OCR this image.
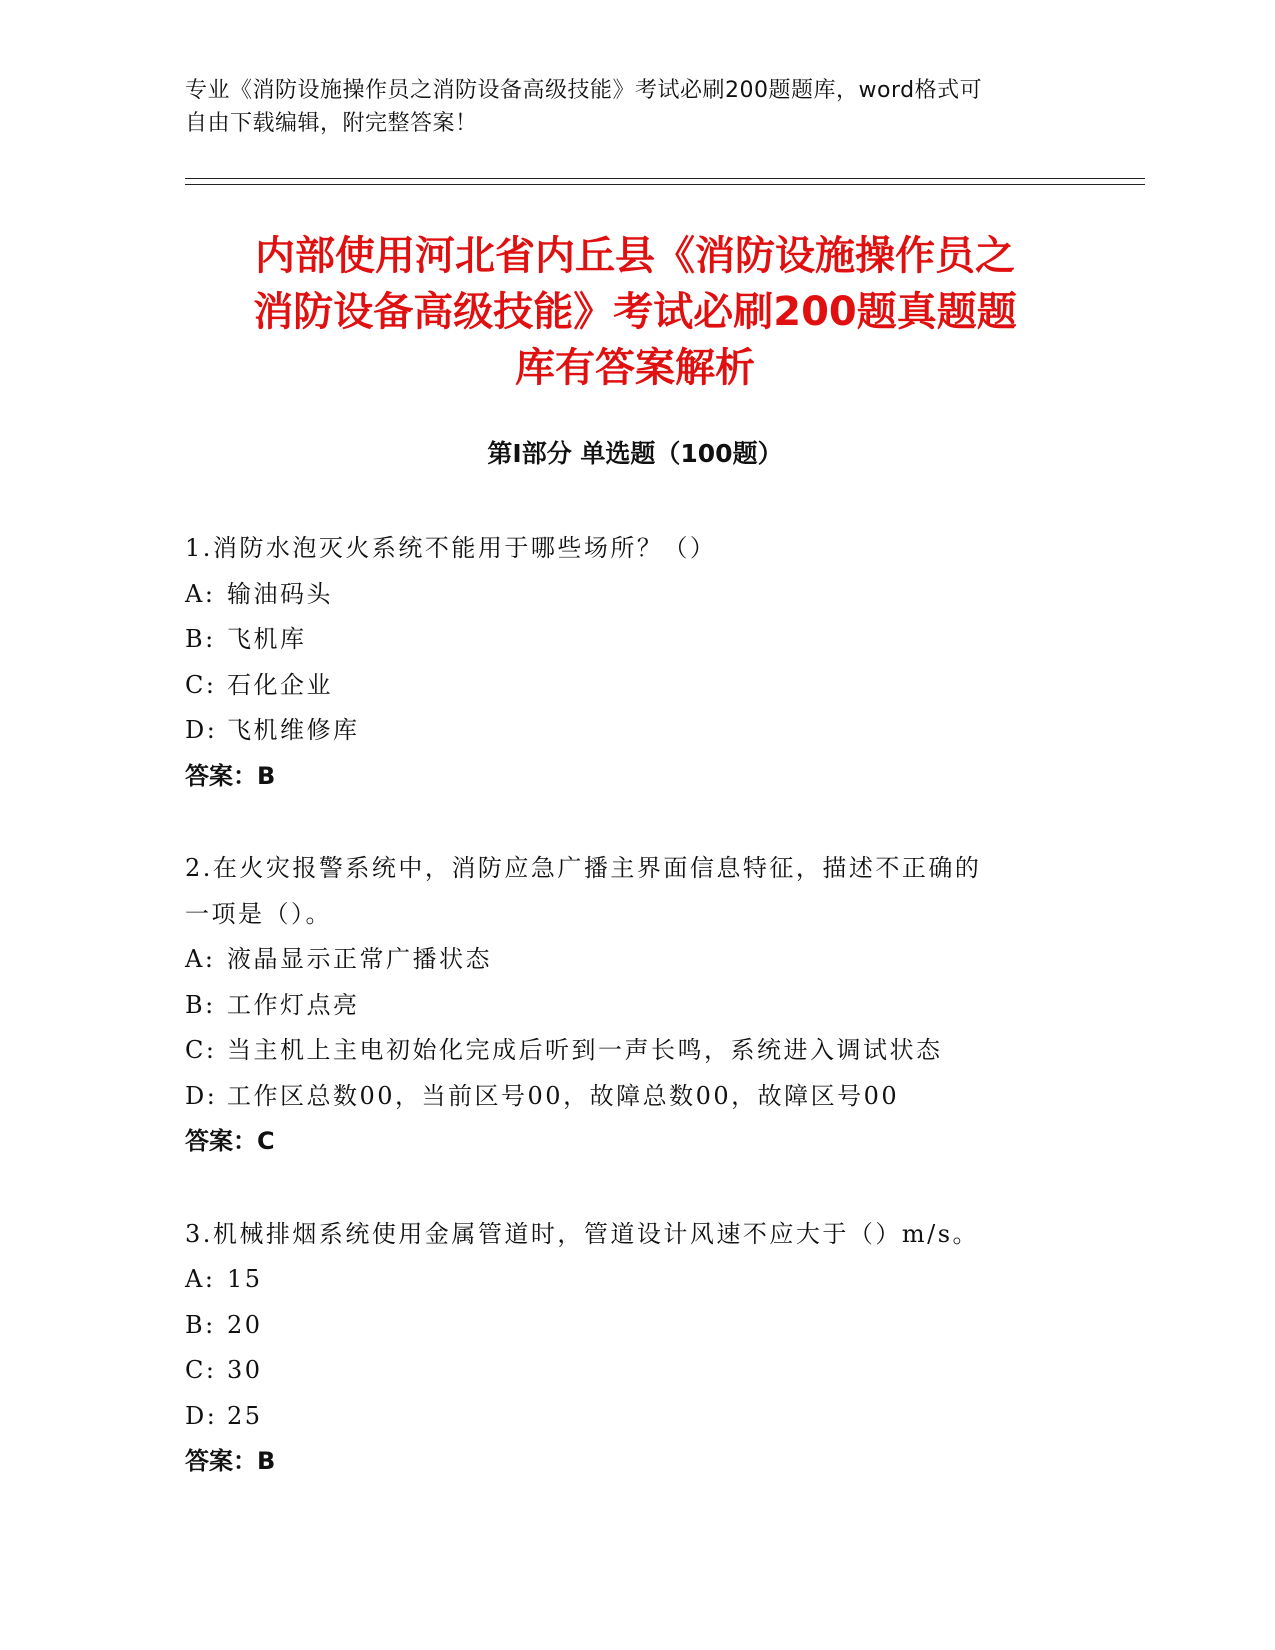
专业《消防设施操作员之消防设备高级技能》考试必刷200题题库，word格式可
自由下载编辑，附完整答案！
内部使用河北省内丘县《消防设施操作员之
消防设备高级技能》考试必刷200题真题题
库有答案解析
第Ⅰ部分 单选题（100题）
1.消防水泡灭火系统不能用于哪些场所？（）
A: 输油码头
B: 飞机库
C: 石化企业
D: 飞机维修库
答案：B
2.在火灾报警系统中，消防应急广播主界面信息特征，描述不正确的
一项是（）。
A: 液晶显示正常广播状态
B: 工作灯点亮
C: 当主机上主电初始化完成后听到一声长鸣，系统进入调试状态
D: 工作区总数00，当前区号00，故障总数00，故障区号00
答案：C
3.机械排烟系统使用金属管道时，管道设计风速不应大于（）m/s。
A: 15
B: 20
C: 30
D: 25
答案：B
